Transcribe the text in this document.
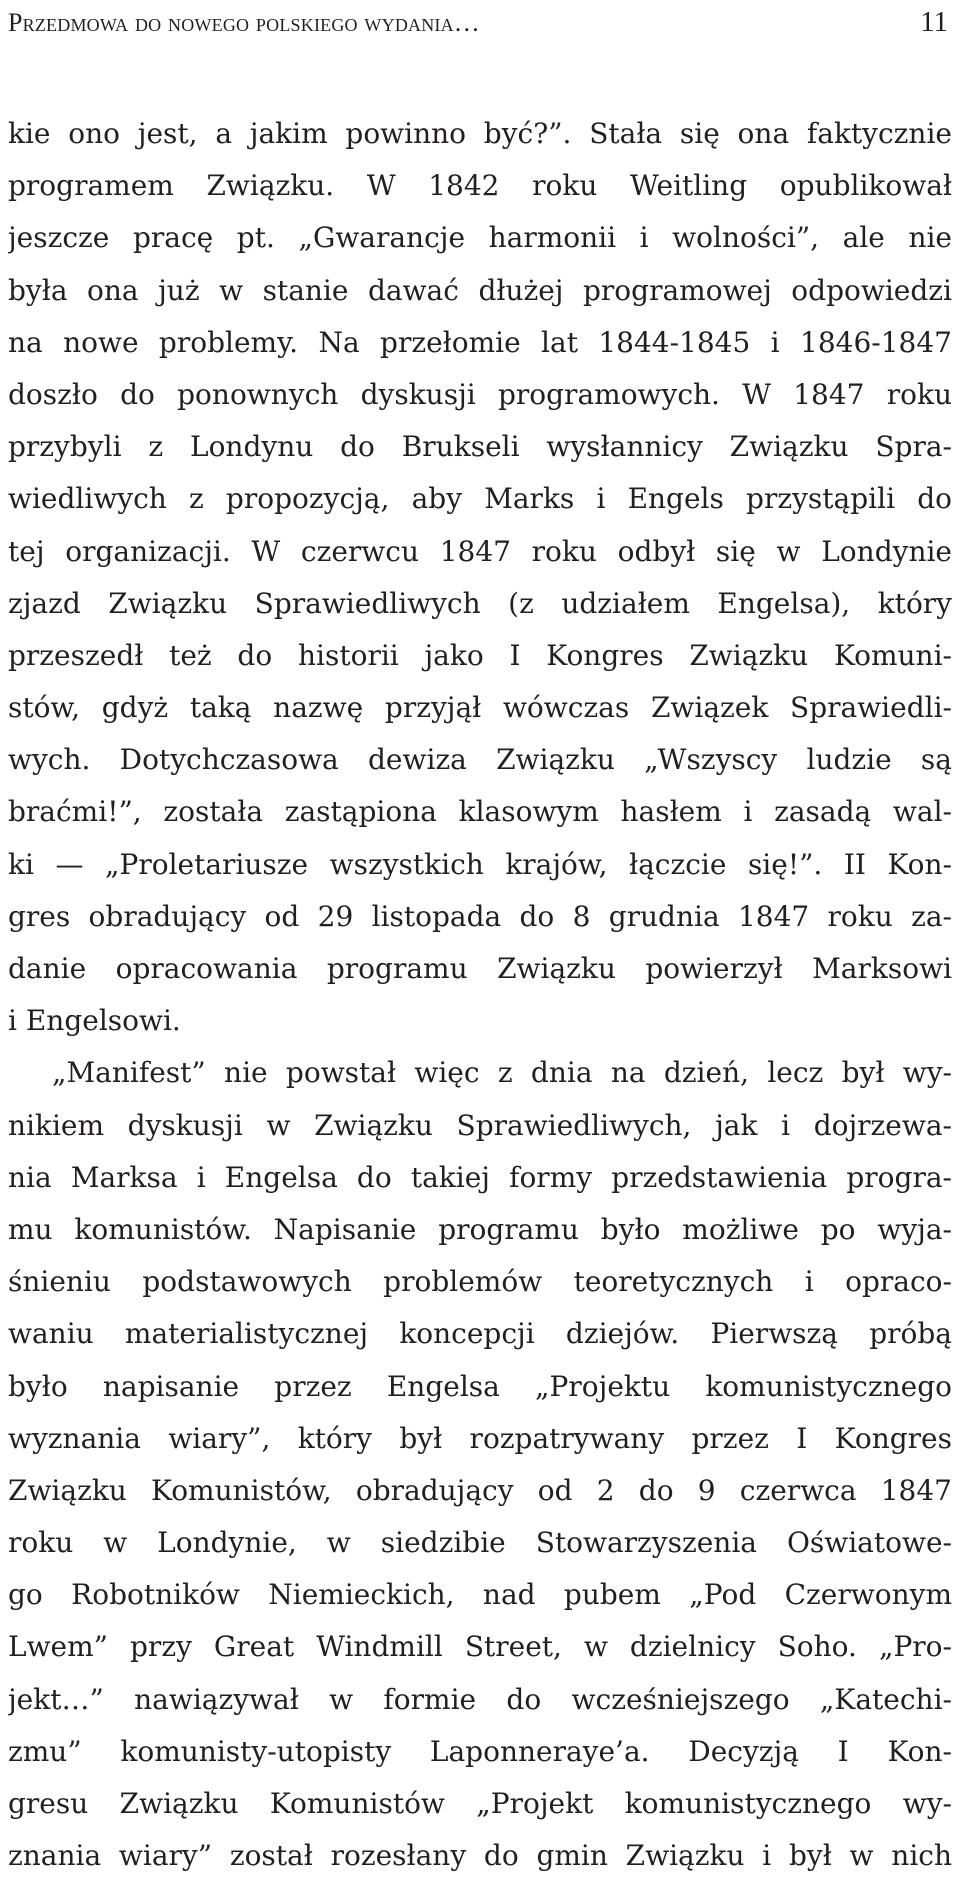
Przedmowa do nowego polskiego wydania…	11
kie ono jest, a jakim powinno być?”. Stała się ona faktycznie
programem Związku. W 1842 roku Weitling opublikował
jeszcze pracę pt. „Gwarancje harmonii i wolności”, ale nie
była ona już w stanie dawać dłużej programowej odpowiedzi
na nowe problemy. Na przełomie lat 1844-1845 i 1846-1847
doszło do ponownych dyskusji programowych. W 1847 roku
przybyli z Londynu do Brukseli wysłannicy Związku Spra-
wiedliwych z propozycją, aby Marks i Engels przystąpili do
tej organizacji. W czerwcu 1847 roku odbył się w Londynie
zjazd Związku Sprawiedliwych (z udziałem Engelsa), który
przeszedł też do historii jako I Kongres Związku Komuni-
stów, gdyż taką nazwę przyjął wówczas Związek Sprawiedli-
wych. Dotychczasowa dewiza Związku „Wszyscy ludzie są
braćmi!”, została zastąpiona klasowym hasłem i zasadą wal-
ki — „Proletariusze wszystkich krajów, łączcie się!”. II Kon-
gres obradujący od 29 listopada do 8 grudnia 1847 roku za-
danie opracowania programu Związku powierzył Marksowi
i Engelsowi.
„Manifest” nie powstał więc z dnia na dzień, lecz był wy-
nikiem dyskusji w Związku Sprawiedliwych, jak i dojrzewa-
nia Marksa i Engelsa do takiej formy przedstawienia progra-
mu komunistów. Napisanie programu było możliwe po wyja-
śnieniu podstawowych problemów teoretycznych i opraco-
waniu materialistycznej koncepcji dziejów. Pierwszą próbą
było napisanie przez Engelsa „Projektu komunistycznego
wyznania wiary”, który był rozpatrywany przez I Kongres
Związku Komunistów, obradujący od 2 do 9 czerwca 1847
roku w Londynie, w siedzibie Stowarzyszenia Oświatowe-
go Robotników Niemieckich, nad pubem „Pod Czerwonym
Lwem” przy Great Windmill Street, w dzielnicy Soho. „Pro-
jekt…” nawiązywał w formie do wcześniejszego „Katechi-
zmu” komunisty-utopisty Laponneraye’a. Decyzją I Kon-
gresu Związku Komunistów „Projekt komunistycznego wy-
znania wiary” został rozesłany do gmin Związku i był w nich
